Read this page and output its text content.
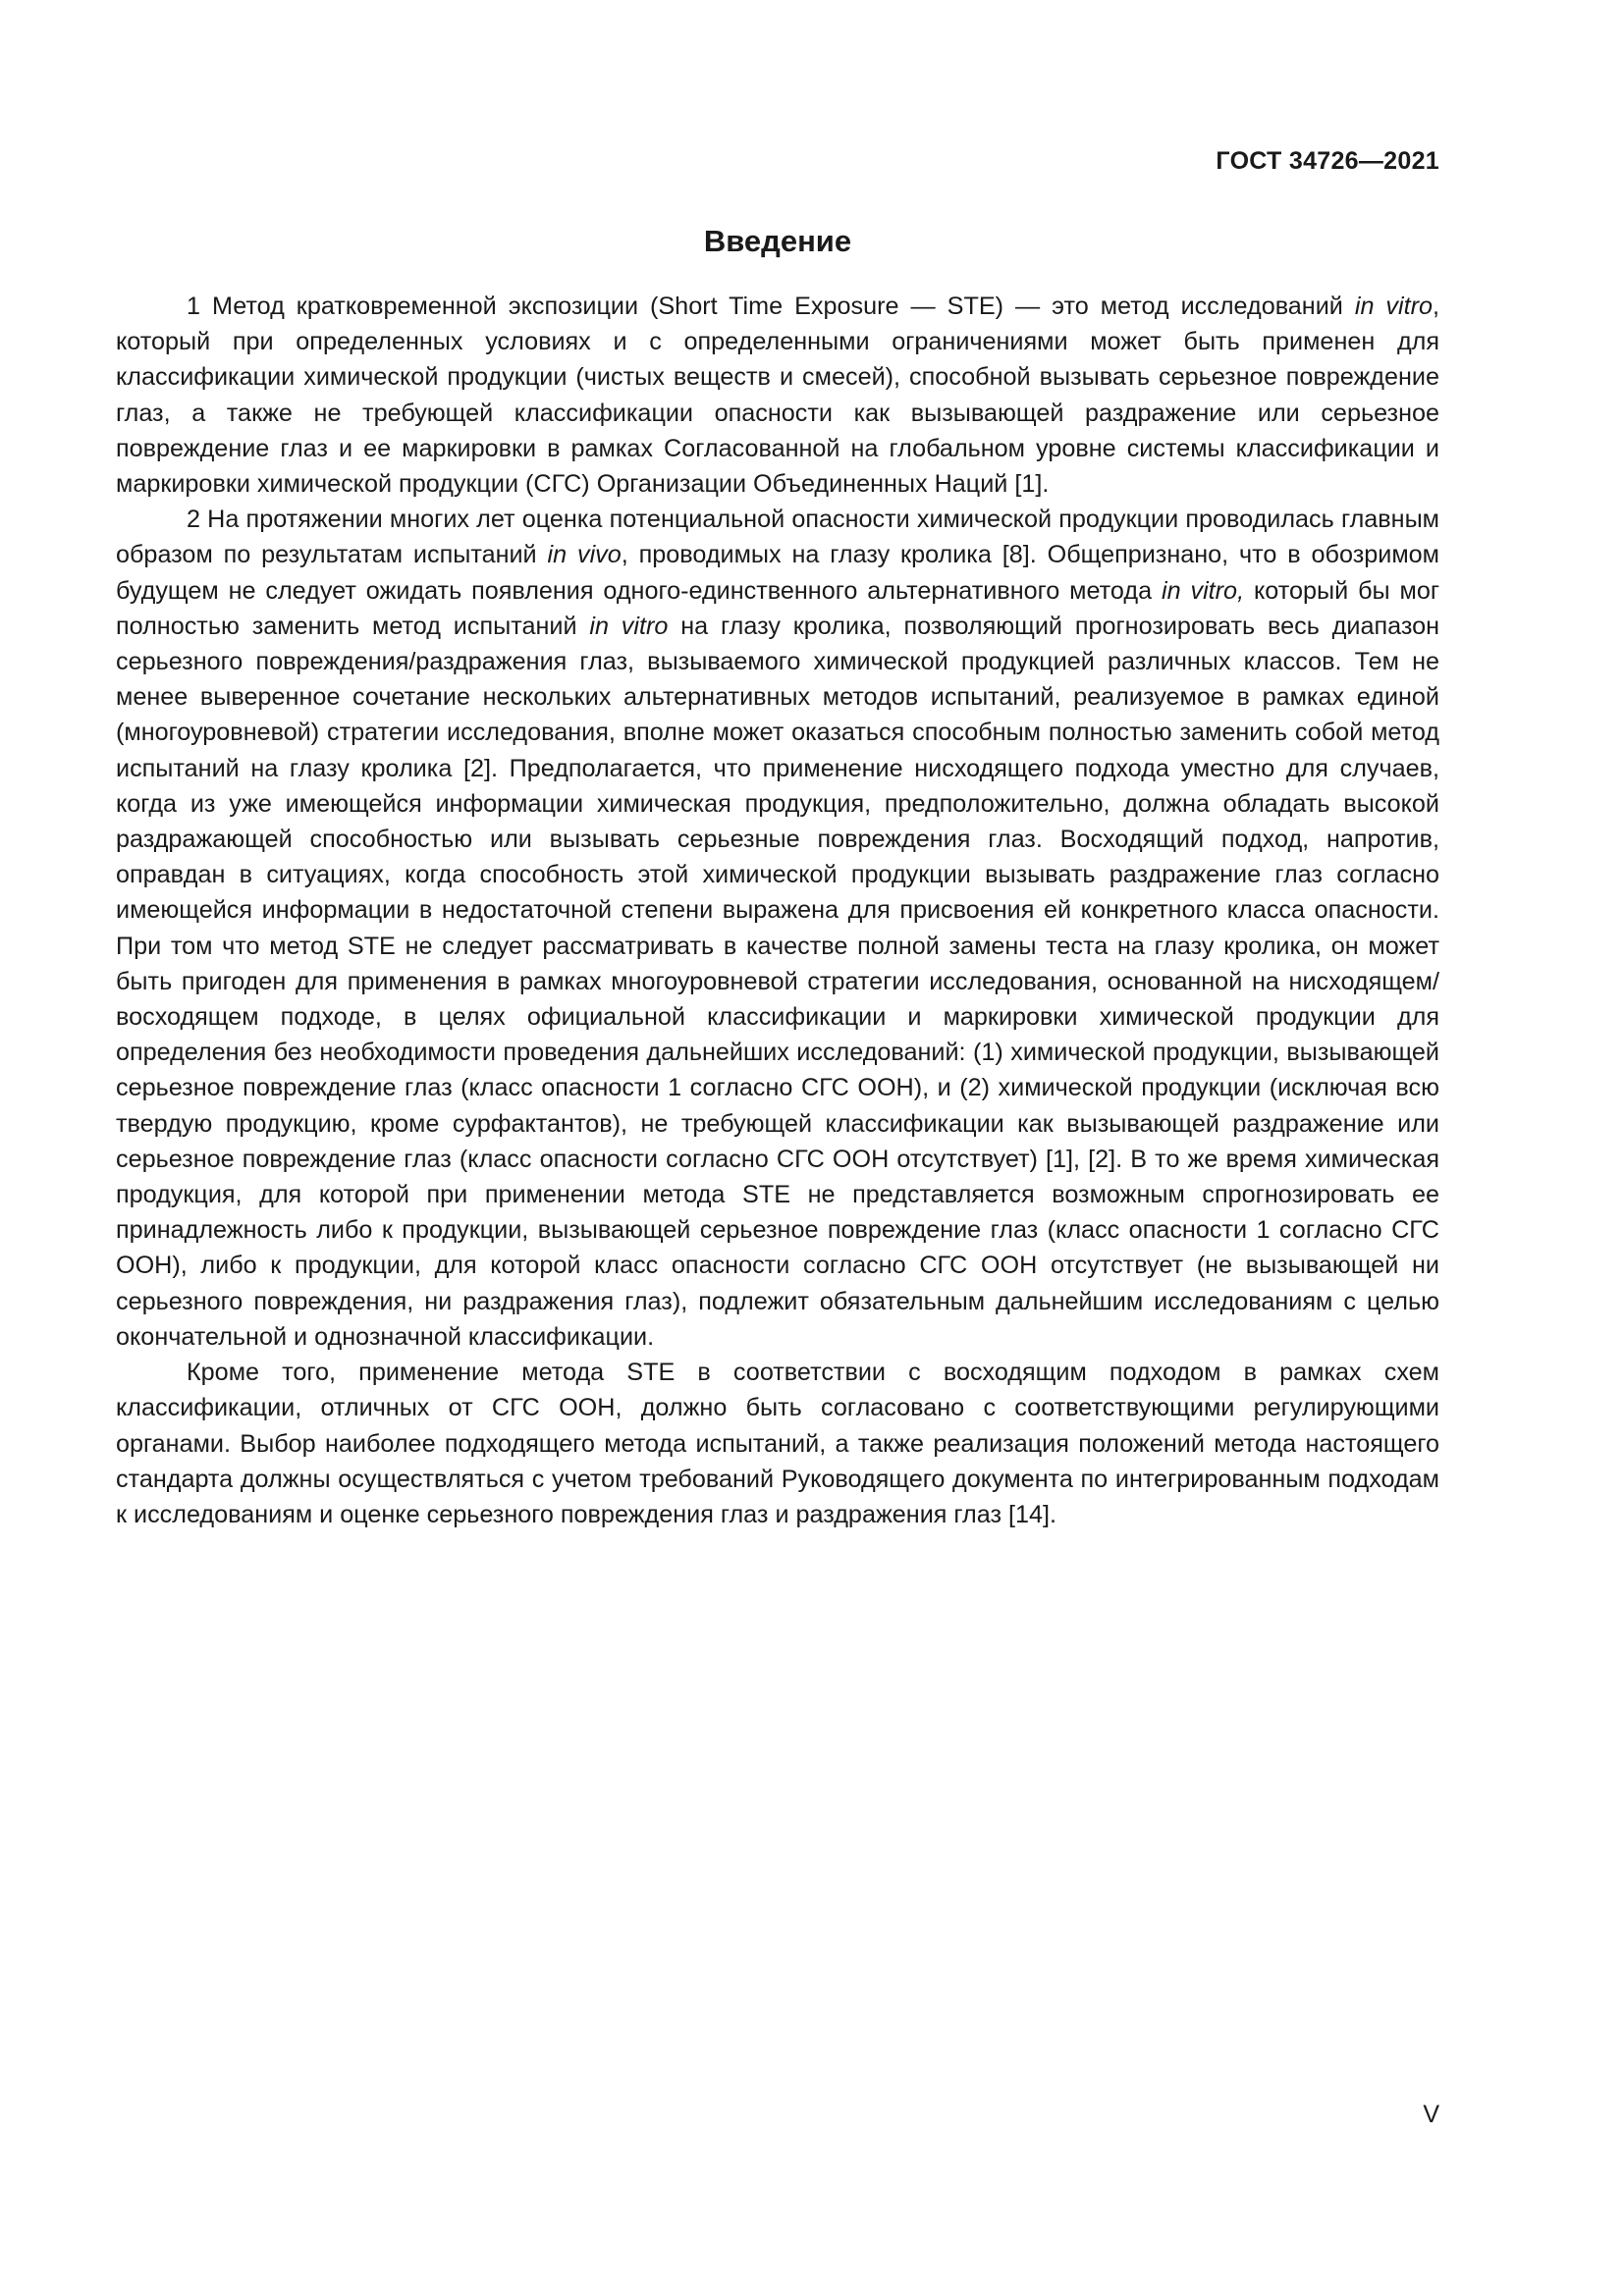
ГОСТ 34726—2021
Введение

1 Метод кратковременной экспозиции (Short Time Exposure — STE) — это метод исследований in vitro, который при определенных условиях и с определенными ограничениями может быть применен для классификации химической продукции (чистых веществ и смесей), способной вызывать серьезное повреждение глаз, а также не требующей классификации опасности как вызывающей раздражение или серьезное повреждение глаз и ее маркировки в рамках Согласованной на глобальном уровне системы классификации и маркировки химической продукции (СГС) Организации Объединенных Наций [1].

2 На протяжении многих лет оценка потенциальной опасности химической продукции проводилась главным образом по результатам испытаний in vivo, проводимых на глазу кролика [8]. Общепризнано, что в обозримом будущем не следует ожидать появления одного-единственного альтернативного метода in vitro, который бы мог полностью заменить метод испытаний in vitro на глазу кролика, позволяющий прогнозировать весь диапазон серьезного повреждения/раздражения глаз, вызываемого химической продукцией различных классов. Тем не менее выверенное сочетание нескольких альтернативных методов испытаний, реализуемое в рамках единой (многоуровневой) стратегии исследования, вполне может оказаться способным полностью заменить собой метод испытаний на глазу кролика [2]. Предполагается, что применение нисходящего подхода уместно для случаев, когда из уже имеющейся информации химическая продукция, предположительно, должна обладать высокой раздражающей способностью или вызывать серьезные повреждения глаз. Восходящий подход, напротив, оправдан в ситуациях, когда способность этой химической продукции вызывать раздражение глаз согласно имеющейся информации в недостаточной степени выражена для присвоения ей конкретного класса опасности. При том что метод STE не следует рассматривать в качестве полной замены теста на глазу кролика, он может быть пригоден для применения в рамках многоуровневой стратегии исследования, основанной на нисходящем/восходящем подходе, в целях официальной классификации и маркировки химической продукции для определения без необходимости проведения дальнейших исследований: (1) химической продукции, вызывающей серьезное повреждение глаз (класс опасности 1 согласно СГС ООН), и (2) химической продукции (исключая всю твердую продукцию, кроме сурфактантов), не требующей классификации как вызывающей раздражение или серьезное повреждение глаз (класс опасности согласно СГС ООН отсутствует) [1], [2]. В то же время химическая продукция, для которой при применении метода STE не представляется возможным спрогнозировать ее принадлежность либо к продукции, вызывающей серьезное повреждение глаз (класс опасности 1 согласно СГС ООН), либо к продукции, для которой класс опасности согласно СГС ООН отсутствует (не вызывающей ни серьезного повреждения, ни раздражения глаз), подлежит обязательным дальнейшим исследованиям с целью окончательной и однозначной классификации.

Кроме того, применение метода STE в соответствии с восходящим подходом в рамках схем классификации, отличных от СГС ООН, должно быть согласовано с соответствующими регулирующими органами. Выбор наиболее подходящего метода испытаний, а также реализация положений метода настоящего стандарта должны осуществляться с учетом требований Руководящего документа по интегрированным подходам к исследованиям и оценке серьезного повреждения глаз и раздражения глаз [14].

V
